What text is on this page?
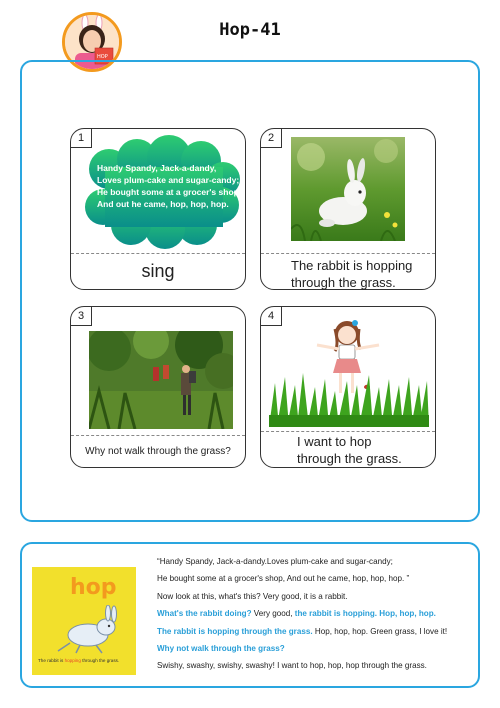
HOP
Hop-41
1
Handy Spandy, Jack-a-dandy,
Loves plum-cake and sugar-candy;
He bought some at a grocer's shop,
And out he came, hop, hop, hop.
sing
2
The rabbit is hopping
through the grass.
3
Why not walk through the grass?
4
I want to hop
through the grass.
hop
The rabbit is hopping through the grass.
“Handy Spandy, Jack-a-dandy.Loves plum-cake and sugar-candy;
He bought some at a grocer's shop, And out he came, hop, hop, hop. ”
Now look at this, what's this? Very good, it is a rabbit.
What's the rabbit doing? Very good, the rabbit is hopping. Hop, hop, hop.
The rabbit is hopping through the grass. Hop, hop, hop. Green grass, I love it!
Why not walk through the grass?
Swishy, swashy, swishy, swashy! I want to hop, hop, hop through the grass.
